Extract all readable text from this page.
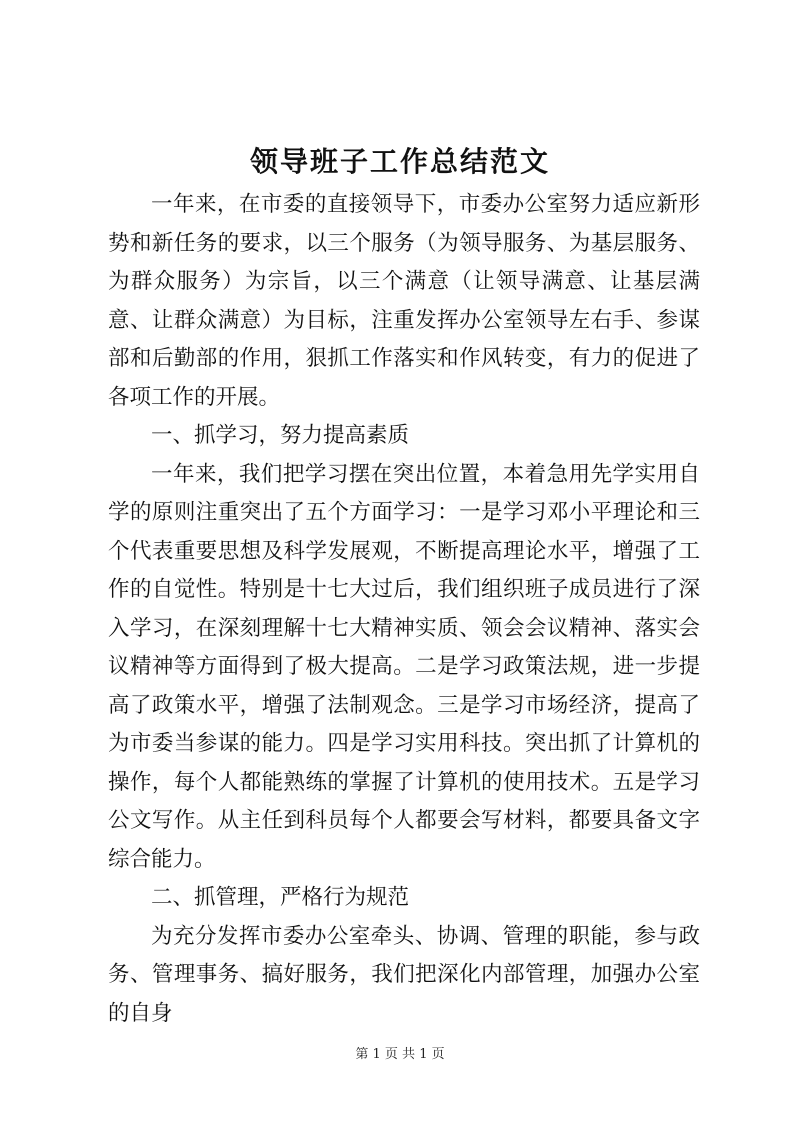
领导班子工作总结范文

一年来，在市委的直接领导下，市委办公室努力适应新形势和新任务的要求，以三个服务（为领导服务、为基层服务、为群众服务）为宗旨，以三个满意（让领导满意、让基层满意、让群众满意）为目标，注重发挥办公室领导左右手、参谋部和后勤部的作用，狠抓工作落实和作风转变，有力的促进了各项工作的开展。

一、抓学习，努力提高素质

一年来，我们把学习摆在突出位置，本着急用先学实用自学的原则注重突出了五个方面学习：一是学习邓小平理论和三个代表重要思想及科学发展观，不断提高理论水平，增强了工作的自觉性。特别是十七大过后，我们组织班子成员进行了深入学习，在深刻理解十七大精神实质、领会会议精神、落实会议精神等方面得到了极大提高。二是学习政策法规，进一步提高了政策水平，增强了法制观念。三是学习市场经济，提高了为市委当参谋的能力。四是学习实用科技。突出抓了计算机的操作，每个人都能熟练的掌握了计算机的使用技术。五是学习公文写作。从主任到科员每个人都要会写材料，都要具备文字综合能力。

二、抓管理，严格行为规范

为充分发挥市委办公室牵头、协调、管理的职能，参与政务、管理事务、搞好服务，我们把深化内部管理，加强办公室的自身

第 1 页 共 1 页
